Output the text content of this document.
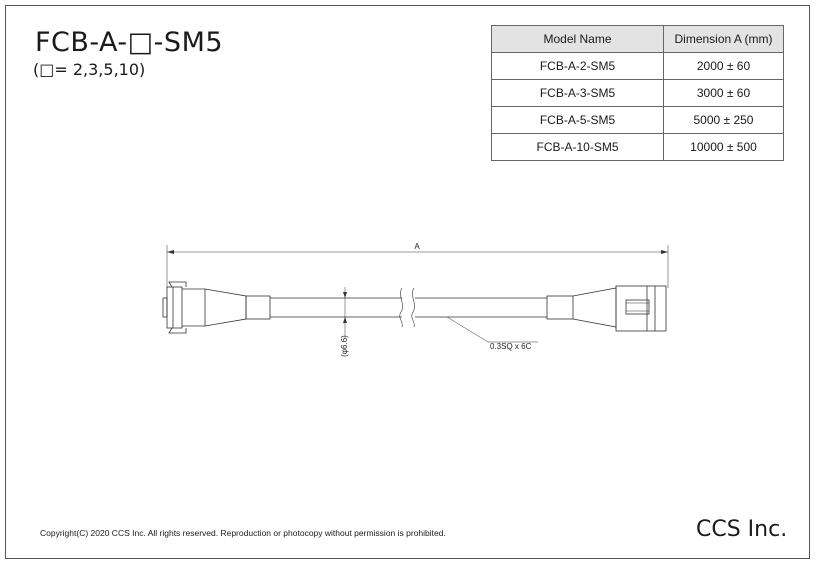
FCB-A-□-SM5
(□= 2,3,5,10)
Model Name	Dimension A (mm)
FCB-A-2-SM5	2000 ± 60
FCB-A-3-SM5	3000 ± 60
FCB-A-5-SM5	5000 ± 250
FCB-A-10-SM5	10000 ± 500
A
(φ6.6)	0.3SQ x 6C
Copyright(C) 2020 CCS Inc. All rights reserved. Reproduction or photocopy without permission is prohibited.	CCS Inc.
